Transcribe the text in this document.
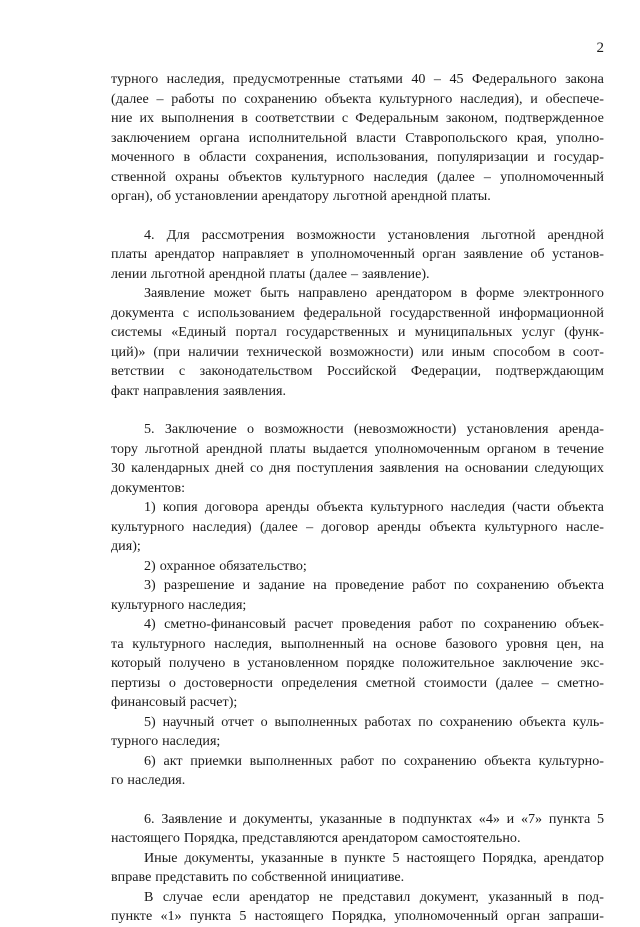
2
турного наследия, предусмотренные статьями 40 – 45 Федерального закона
(далее – работы по сохранению объекта культурного наследия), и обеспече-
ние их выполнения в соответствии с Федеральным законом, подтвержденное
заключением органа исполнительной власти Ставропольского края, уполно-
моченного в области сохранения, использования, популяризации и государ-
ственной охраны объектов культурного наследия (далее – уполномоченный
орган), об установлении арендатору льготной арендной платы.
4. Для рассмотрения возможности установления льготной арендной
платы арендатор направляет в уполномоченный орган заявление об установ-
лении льготной арендной платы (далее – заявление).
Заявление может быть направлено арендатором в форме электронного
документа с использованием федеральной государственной информационной
системы «Единый портал государственных и муниципальных услуг (функ-
ций)» (при наличии технической возможности) или иным способом в соот-
ветствии с законодательством Российской Федерации, подтверждающим
факт направления заявления.
5. Заключение о возможности (невозможности) установления аренда-
тору льготной арендной платы выдается уполномоченным органом в течение
30 календарных дней со дня поступления заявления на основании следующих
документов:
1) копия договора аренды объекта культурного наследия (части объекта
культурного наследия) (далее – договор аренды объекта культурного насле-
дия);
2) охранное обязательство;
3) разрешение и задание на проведение работ по сохранению объекта
культурного наследия;
4) сметно-финансовый расчет проведения работ по сохранению объек-
та культурного наследия, выполненный на основе базового уровня цен, на
который получено в установленном порядке положительное заключение экс-
пертизы о достоверности определения сметной стоимости (далее – сметно-
финансовый расчет);
5) научный отчет о выполненных работах по сохранению объекта куль-
турного наследия;
6) акт приемки выполненных работ по сохранению объекта культурно-
го наследия.
6. Заявление и документы, указанные в подпунктах «4» и «7» пункта 5
настоящего Порядка, представляются арендатором самостоятельно.
Иные документы, указанные в пункте 5 настоящего Порядка, арендатор
вправе представить по собственной инициативе.
В случае если арендатор не представил документ, указанный в под-
пункте «1» пункта 5 настоящего Порядка, уполномоченный орган запраши-
